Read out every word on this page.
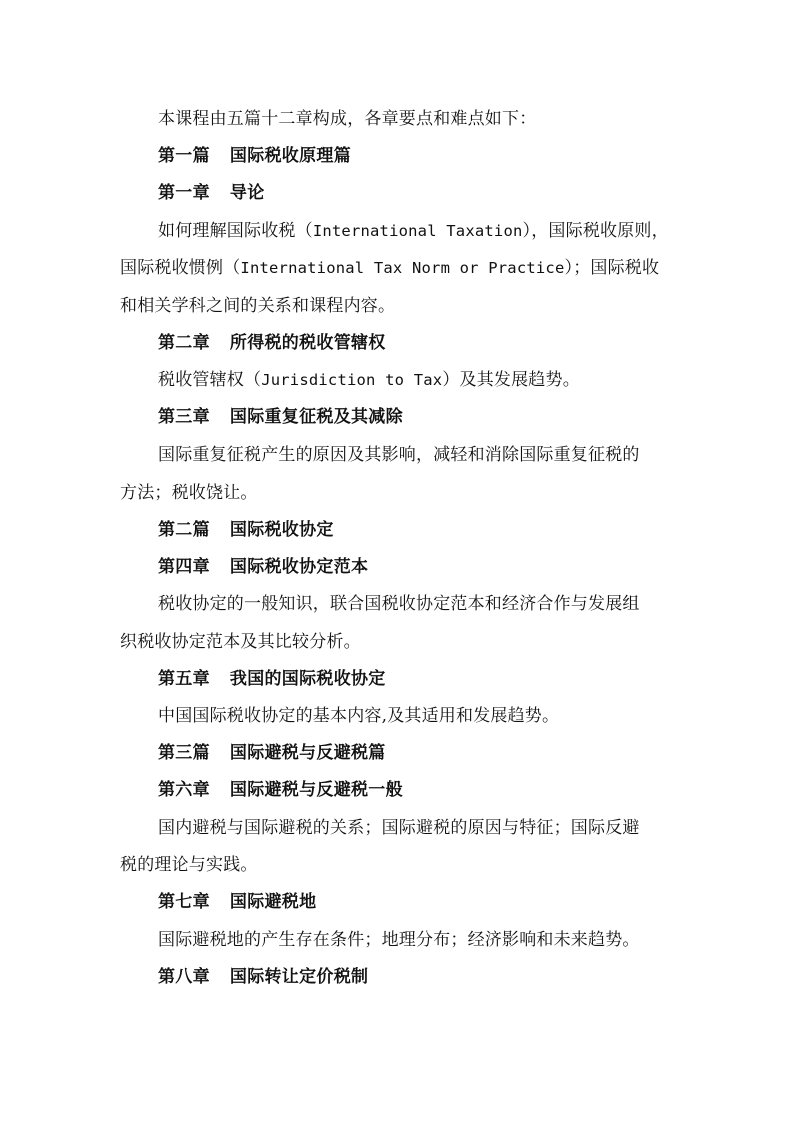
本课程由五篇十二章构成，各章要点和难点如下：
第一篇 国际税收原理篇
第一章 导论
如何理解国际收税（International Taxation），国际税收原则，
国际税收惯例（International Tax Norm or Practice）；国际税收
和相关学科之间的关系和课程内容。
第二章 所得税的税收管辖权
税收管辖权（Jurisdiction to Tax）及其发展趋势。
第三章 国际重复征税及其减除
国际重复征税产生的原因及其影响，减轻和消除国际重复征税的
方法；税收饶让。
第二篇 国际税收协定
第四章 国际税收协定范本
税收协定的一般知识，联合国税收协定范本和经济合作与发展组
织税收协定范本及其比较分析。
第五章 我国的国际税收协定
中国国际税收协定的基本内容,及其适用和发展趋势。
第三篇 国际避税与反避税篇
第六章 国际避税与反避税一般
国内避税与国际避税的关系；国际避税的原因与特征；国际反避
税的理论与实践。
第七章 国际避税地
国际避税地的产生存在条件；地理分布；经济影响和未来趋势。
第八章 国际转让定价税制
